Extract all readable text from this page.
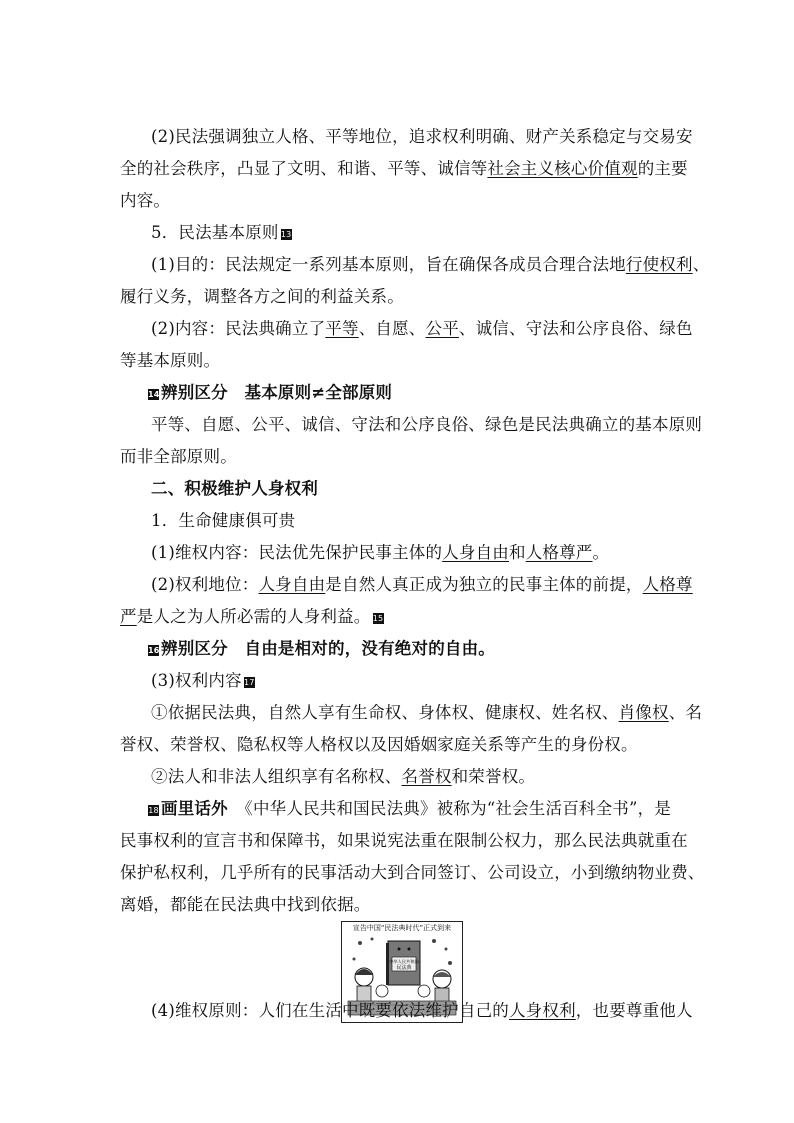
(2)民法强调独立人格、平等地位，追求权利明确、财产关系稳定与交易安
全的社会秩序，凸显了文明、和谐、平等、诚信等社会主义核心价值观的主要
内容。
5．民法基本原则 13
(1)目的：民法规定一系列基本原则，旨在确保各成员合理合法地行使权利、
履行义务，调整各方之间的利益关系。
(2)内容：民法典确立了平等、自愿、公平、诚信、守法和公序良俗、绿色
等基本原则。
14辨别区分　基本原则≠全部原则
平等、自愿、公平、诚信、守法和公序良俗、绿色是民法典确立的基本原则
而非全部原则。
二、积极维护人身权利
1．生命健康俱可贵
(1)维权内容：民法优先保护民事主体的人身自由和人格尊严。
(2)权利地位：人身自由是自然人真正成为独立的民事主体的前提，人格尊
严是人之为人所必需的人身利益。 15
16辨别区分　自由是相对的，没有绝对的自由。
(3)权利内容 17
①依据民法典，自然人享有生命权、身体权、健康权、姓名权、肖像权、名
誉权、荣誉权、隐私权等人格权以及因婚姻家庭关系等产生的身份权。
②法人和非法人组织享有名称权、名誉权和荣誉权。
18 画里话外　 《中华人民共和国民法典》被称为“社会生活百科全书”，是
民事权利的宣言书和保障书，如果说宪法重在限制公权力，那么民法典就重在
保护私权利，几乎所有的民事活动大到合同签订、公司设立，小到缴纳物业费、
离婚，都能在民法典中找到依据。
宣告中国“民法典时代”正式到来
中华人民共和国
民法典
(4)维权原则：人们在生活中既要依法维护自己的人身权利，也要尊重他人
